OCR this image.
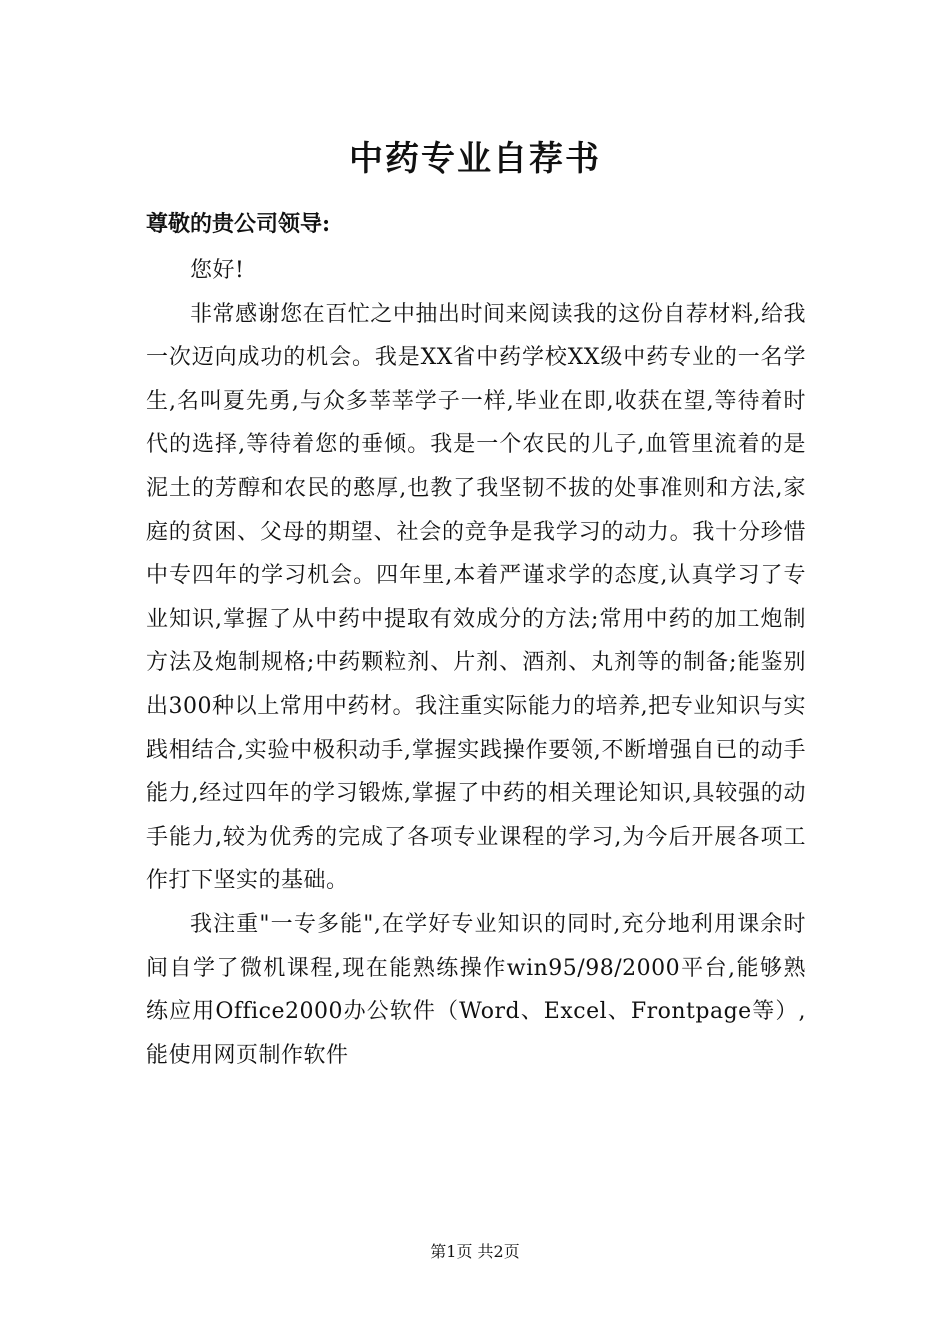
中药专业自荐书

尊敬的贵公司领导:

您好!

非常感谢您在百忙之中抽出时间来阅读我的这份自荐材料,给我一次迈向成功的机会。我是XX省中药学校XX级中药专业的一名学生,名叫夏先勇,与众多莘莘学子一样,毕业在即,收获在望,等待着时代的选择,等待着您的垂倾。我是一个农民的儿子,血管里流着的是泥土的芳醇和农民的憨厚,也教了我坚韧不拔的处事准则和方法,家庭的贫困、父母的期望、社会的竞争是我学习的动力。我十分珍惜中专四年的学习机会。四年里,本着严谨求学的态度,认真学习了专业知识,掌握了从中药中提取有效成分的方法;常用中药的加工炮制方法及炮制规格;中药颗粒剂、片剂、酒剂、丸剂等的制备;能鉴别出300种以上常用中药材。我注重实际能力的培养,把专业知识与实践相结合,实验中极积动手,掌握实践操作要领,不断增强自已的动手能力,经过四年的学习锻炼,掌握了中药的相关理论知识,具较强的动手能力,较为优秀的完成了各项专业课程的学习,为今后开展各项工作打下坚实的基础。

我注重"一专多能",在学好专业知识的同时,充分地利用课余时间自学了微机课程,现在能熟练操作win95/98/2000平台,能够熟练应用Office2000办公软件（Word、Excel、Frontpage等）,能使用网页制作软件

第1页 共2页
